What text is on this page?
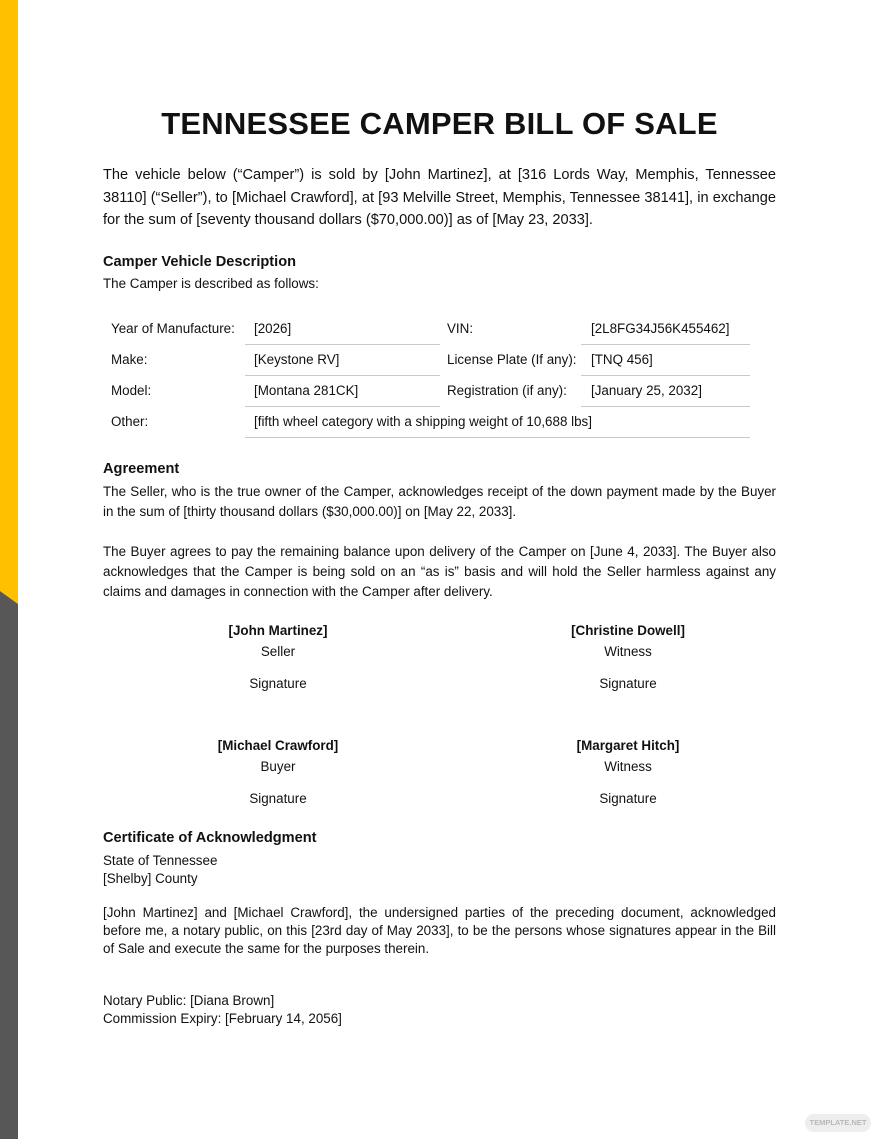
TENNESSEE CAMPER BILL OF SALE

The vehicle below (“Camper”) is sold by [John Martinez], at [316 Lords Way, Memphis, Tennessee 38110] (“Seller”), to [Michael Crawford], at [93 Melville Street, Memphis, Tennessee 38141], in exchange for the sum of [seventy thousand dollars ($70,000.00)] as of [May 23, 2033].

Camper Vehicle Description

The Camper is described as follows:

Year of Manufacture: [2026]	VIN:	[2L8FG34J56K455462]
Make:	[Keystone RV]	License Plate (If any): [TNQ 456]
Model:	[Montana 281CK]	Registration (if any): [January 25, 2032]
Other:	[fifth wheel category with a shipping weight of 10,688 lbs]
Agreement

The Seller, who is the true owner of the Camper, acknowledges receipt of the down payment made by the Buyer in the sum of [thirty thousand dollars ($30,000.00)] on [May 22, 2033].

The Buyer agrees to pay the remaining balance upon delivery of the Camper on [June 4, 2033]. The Buyer also acknowledges that the Camper is being sold on an “as is” basis and will hold the Seller harmless against any claims and damages in connection with the Camper after delivery.

[John Martinez]
Seller
Signature
[Christine Dowell]
Witness
Signature
[Michael Crawford]
Buyer
Signature
[Margaret Hitch]
Witness
Signature
Certificate of Acknowledgment

State of Tennessee

[Shelby] County

[John Martinez] and [Michael Crawford], the undersigned parties of the preceding document, acknowledged before me, a notary public, on this [23rd day of May 2033], to be the persons whose signatures appear in the Bill of Sale and execute the same for the purposes therein.

Notary Public: [Diana Brown]

Commission Expiry: [February 14, 2056]

TEMPLATE.NET
